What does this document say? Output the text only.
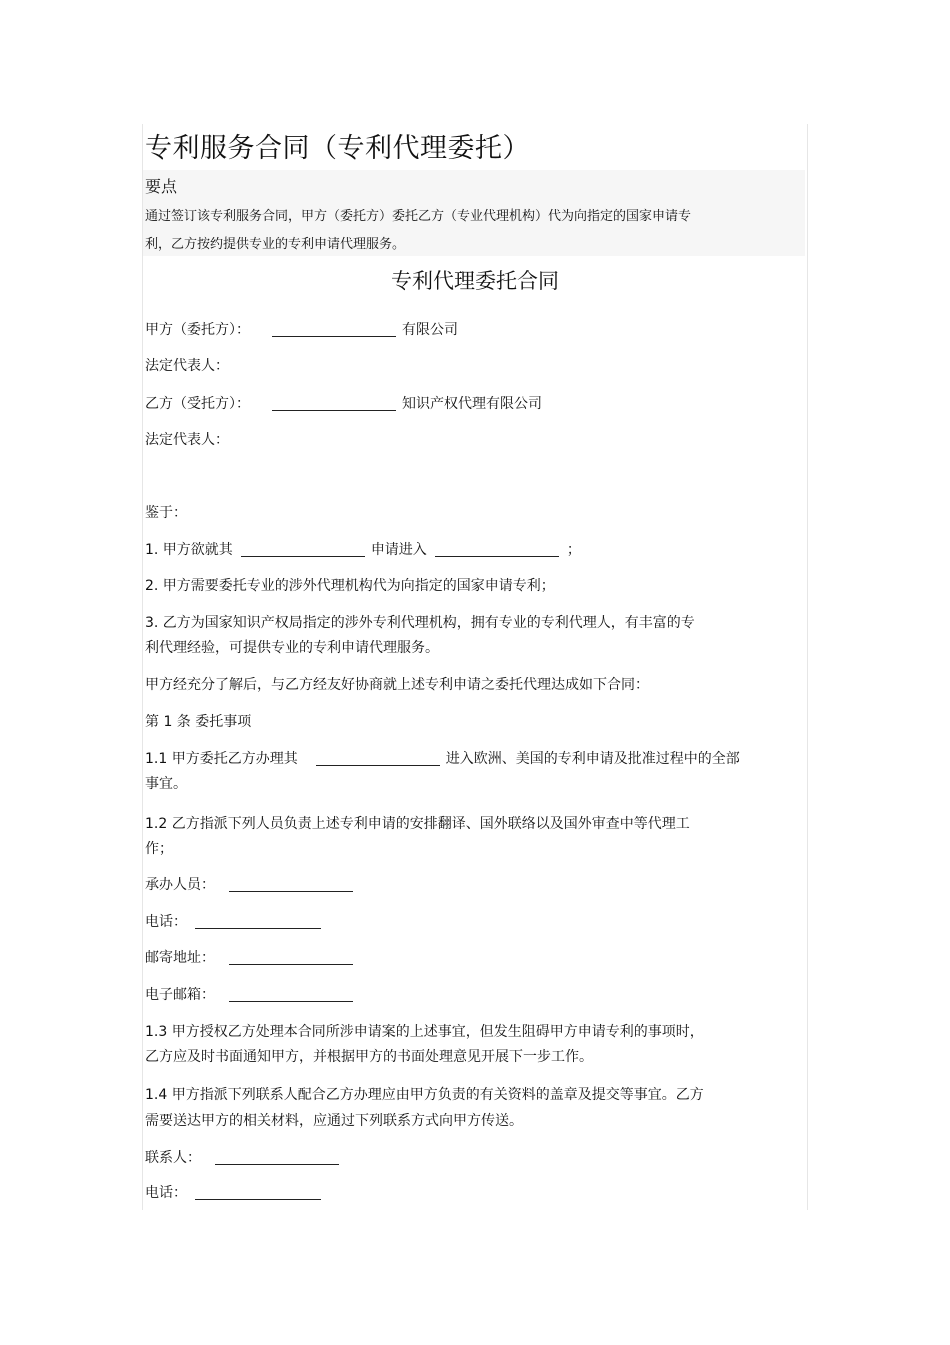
专利服务合同（专利代理委托）
要点
通过签订该专利服务合同，甲方（委托方）委托乙方（专业代理机构）代为向指定的国家申请专
利，乙方按约提供专业的专利申请代理服务。
专利代理委托合同
甲方（委托方）：	有限公司
法定代表人：
乙方（受托方）：	知识产权代理有限公司
法定代表人：
鉴于：
1. 甲方欲就其	申请进入	；
2. 甲方需要委托专业的涉外代理机构代为向指定的国家申请专利；
3. 乙方为国家知识产权局指定的涉外专利代理机构，拥有专业的专利代理人，有丰富的专
利代理经验，可提供专业的专利申请代理服务。
甲方经充分了解后，与乙方经友好协商就上述专利申请之委托代理达成如下合同：
第 1 条 委托事项
1.1 甲方委托乙方办理其	进入欧洲、美国的专利申请及批准过程中的全部
事宜。
1.2 乙方指派下列人员负责上述专利申请的安排翻译、国外联络以及国外审查中等代理工
作；
承办人员：
电话：
邮寄地址：
电子邮箱：
1.3 甲方授权乙方处理本合同所涉申请案的上述事宜，但发生阻碍甲方申请专利的事项时，
乙方应及时书面通知甲方，并根据甲方的书面处理意见开展下一步工作。
1.4 甲方指派下列联系人配合乙方办理应由甲方负责的有关资料的盖章及提交等事宜。乙方
需要送达甲方的相关材料，应通过下列联系方式向甲方传送。
联系人：
电话：
